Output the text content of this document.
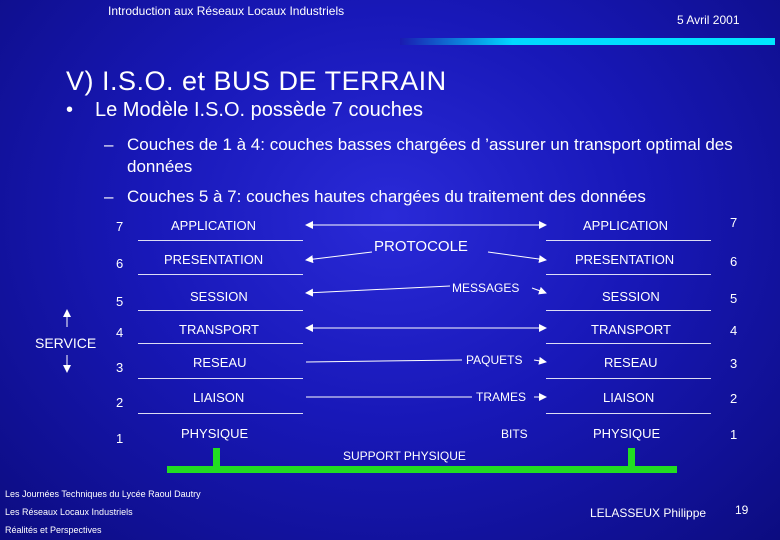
Introduction aux Réseaux Locaux Industriels
5 Avril 2001
V) I.S.O. et BUS DE TERRAIN
• Le Modèle I.S.O. possède 7 couches
– Couches de 1 à 4: couches basses chargées d ’assurer un transport optimal des données
– Couches 5 à 7: couches hautes chargées du traitement des données
7	APPLICATION
6	PRESENTATION
5	SESSION
4	TRANSPORT
3	RESEAU
2	LIAISON
1	PHYSIQUE
APPLICATION	7
PRESENTATION	6
SESSION	5
TRANSPORT	4
RESEAU	3
LIAISON	2
PHYSIQUE	1
PROTOCOLE
MESSAGES
PAQUETS
TRAMES
BITS
SUPPORT PHYSIQUE
SERVICE
Les Journées Techniques du Lycée Raoul Dautry
Les Réseaux Locaux Industriels
Réalités et Perspectives
LELASSEUX Philippe 19
